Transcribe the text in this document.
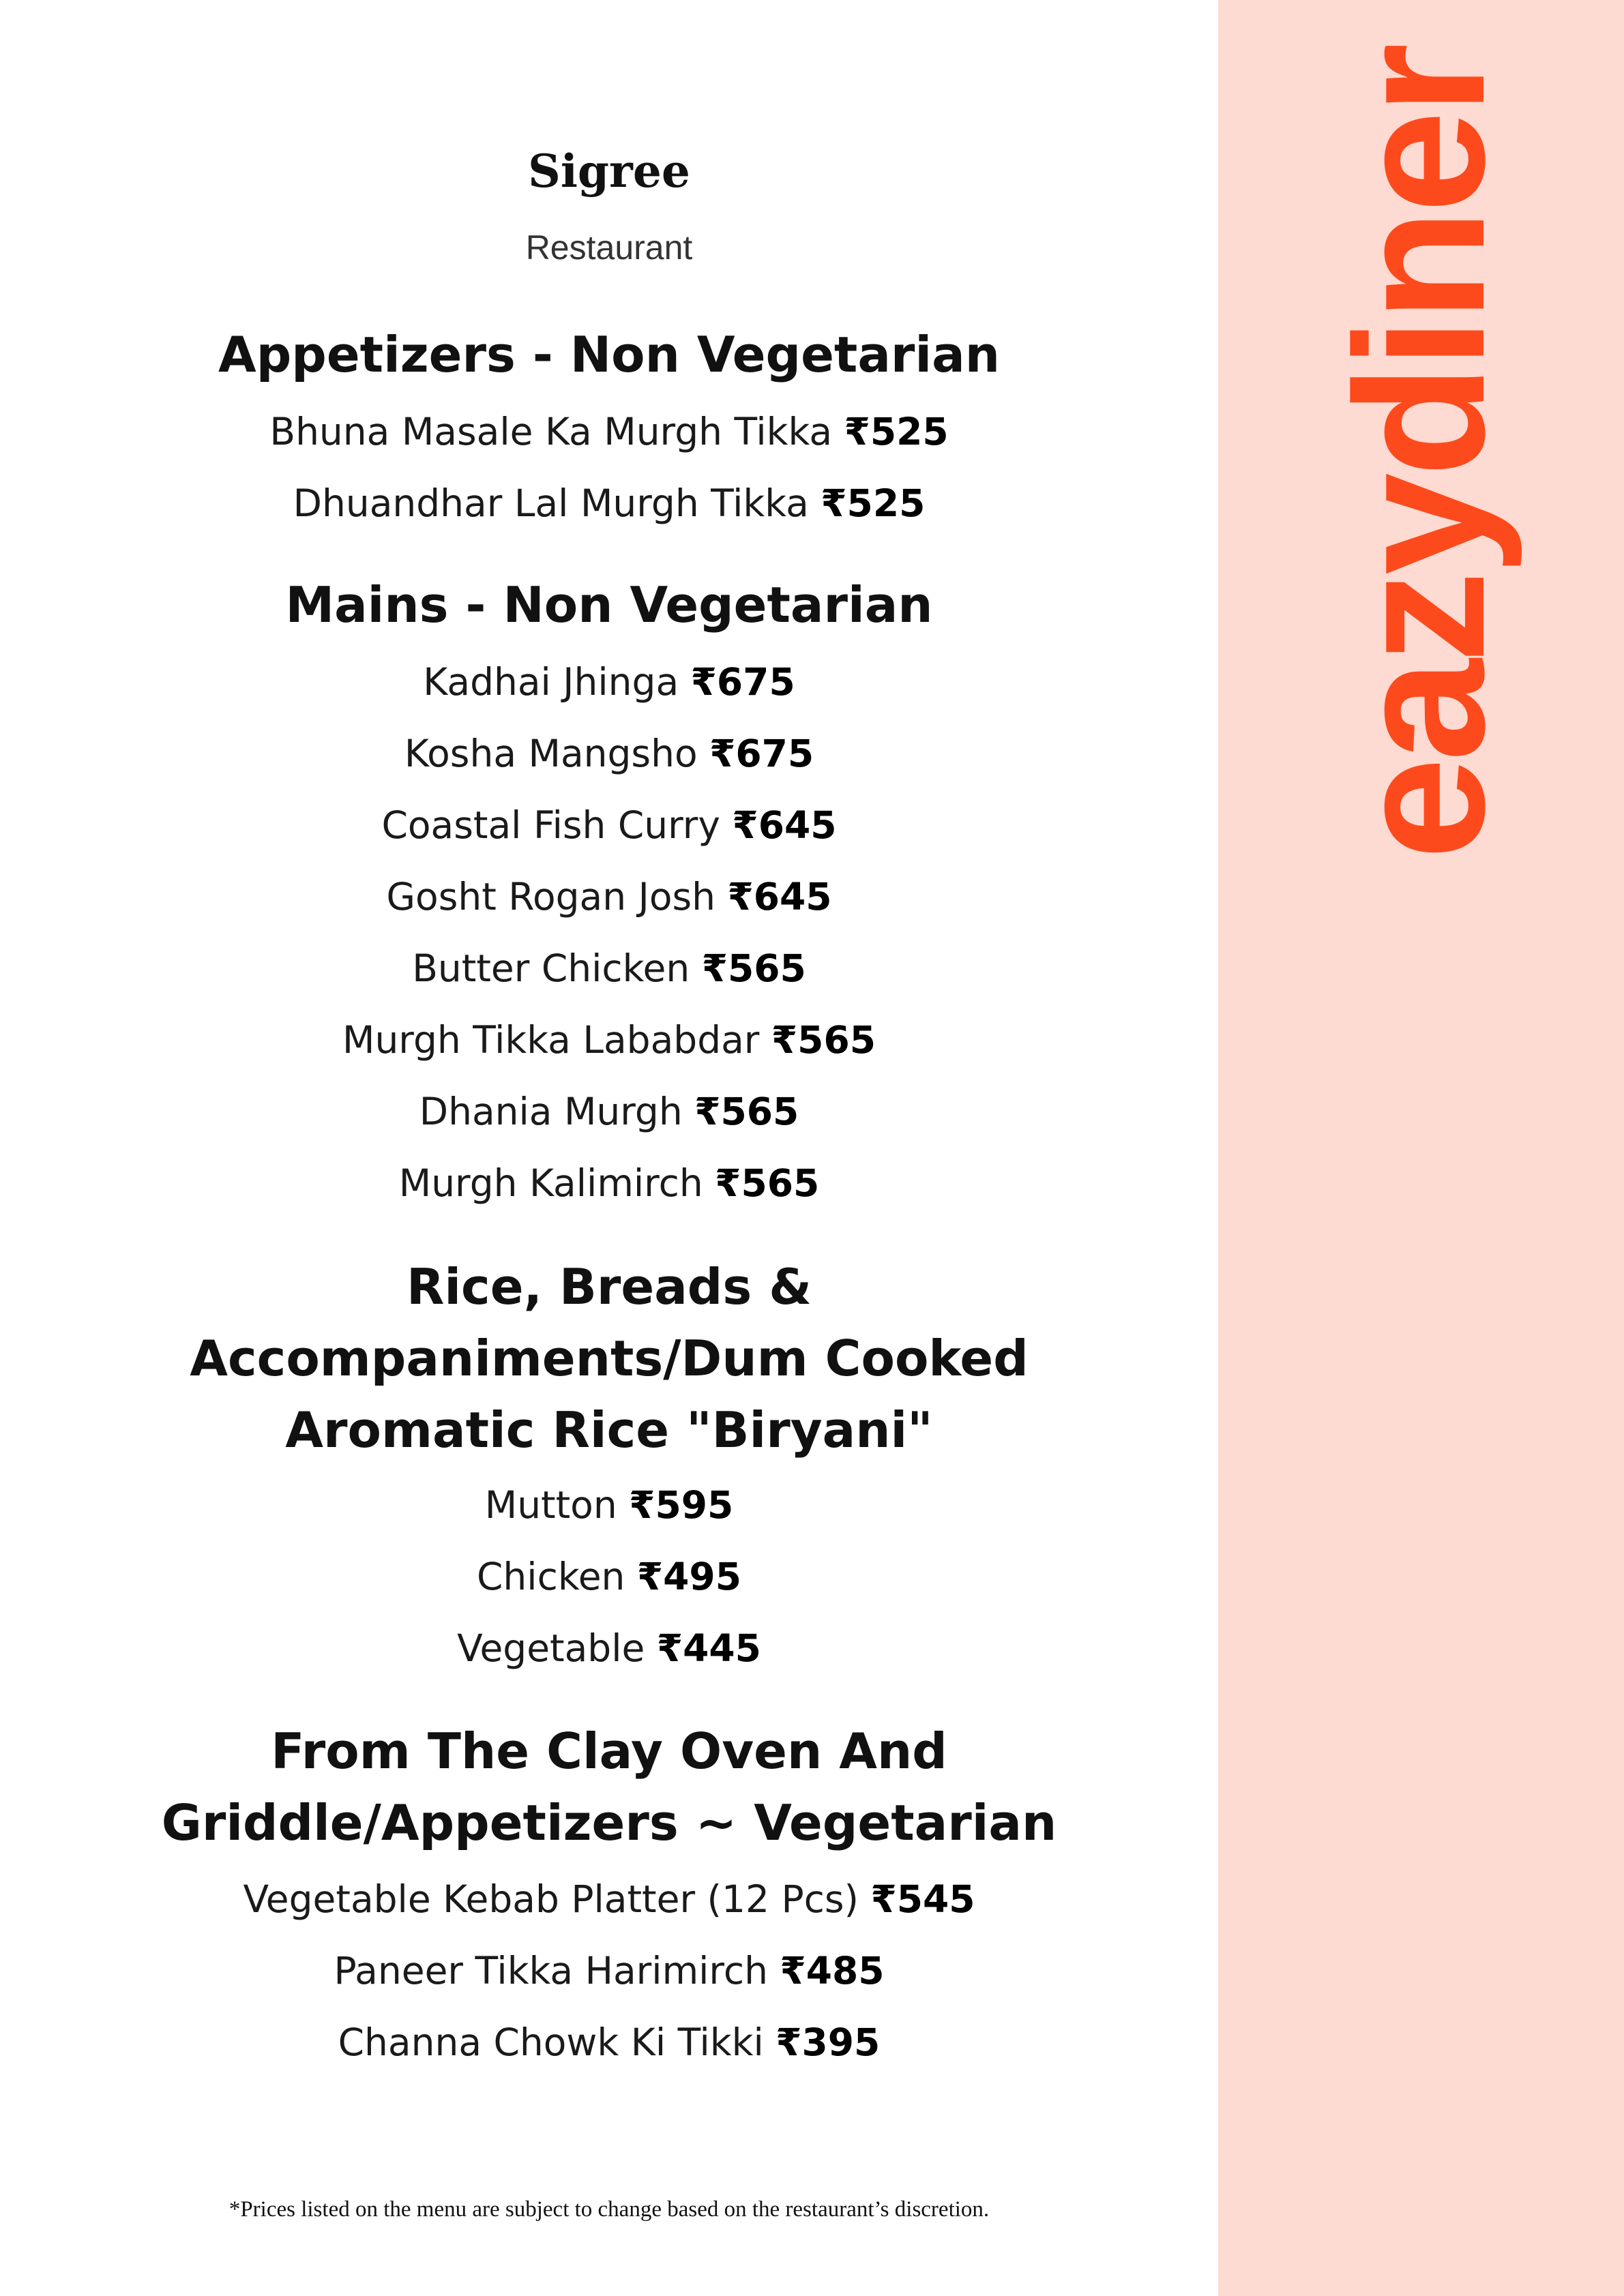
Sigree
Restaurant
Appetizers - Non Vegetarian
Bhuna Masale Ka Murgh Tikka ₹525
Dhuandhar Lal Murgh Tikka ₹525
Mains - Non Vegetarian
Kadhai Jhinga ₹675
Kosha Mangsho ₹675
Coastal Fish Curry ₹645
Gosht Rogan Josh ₹645
Butter Chicken ₹565
Murgh Tikka Lababdar ₹565
Dhania Murgh ₹565
Murgh Kalimirch ₹565
Rice, Breads &
Accompaniments/Dum Cooked
Aromatic Rice "Biryani"
Mutton ₹595
Chicken ₹495
Vegetable ₹445
From The Clay Oven And
Griddle/Appetizers ~ Vegetarian
Vegetable Kebab Platter (12 Pcs) ₹545
Paneer Tikka Harimirch ₹485
Channa Chowk Ki Tikki ₹395
*Prices listed on the menu are subject to change based on the restaurant’s discretion.
eazydiner
